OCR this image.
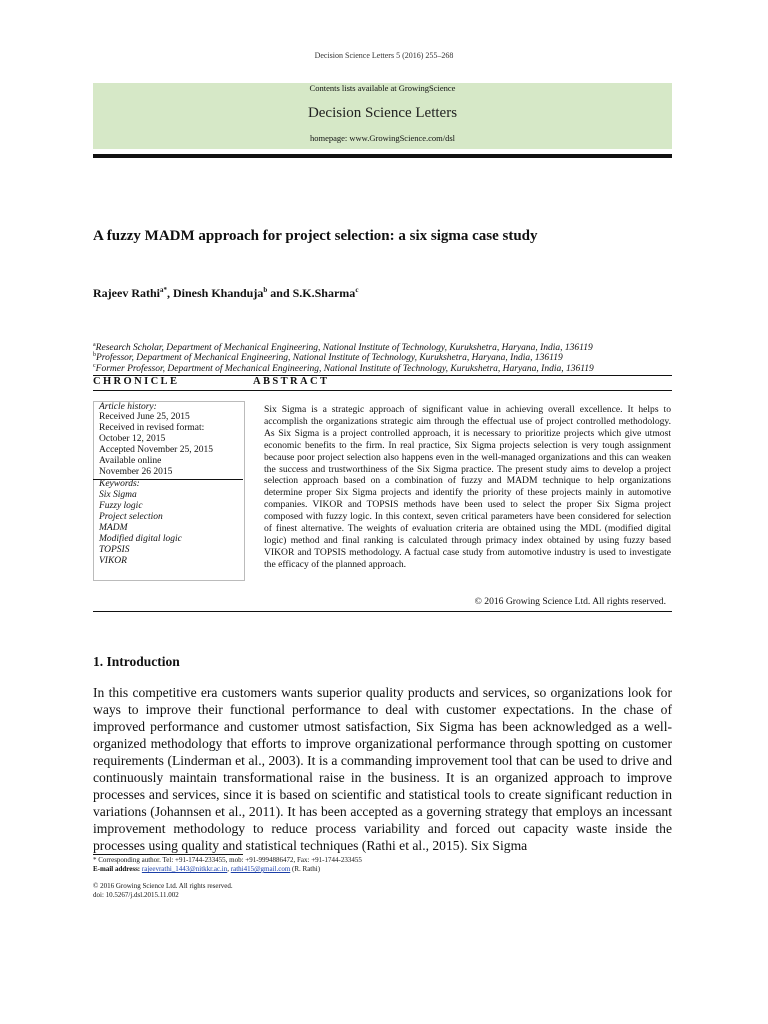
Decision Science Letters 5 (2016) 255–268
Contents lists available at GrowingScience
Decision Science Letters
homepage: www.GrowingScience.com/dsl
A fuzzy MADM approach for project selection: a six sigma case study
Rajeev Rathi$^{a*}$, Dinesh Khanduja$^b$ and S.K.Sharma$^c$
$^a$Research Scholar, Department of Mechanical Engineering, National Institute of Technology, Kurukshetra, Haryana, India, 136119
$^b$Professor, Department of Mechanical Engineering, National Institute of Technology, Kurukshetra, Haryana, India, 136119
$^c$Former Professor, Department of Mechanical Engineering, National Institute of Technology, Kurukshetra, Haryana, India, 136119
CHRONICLE	ABSTRACT
Article history:
Received June 25, 2015
Received in revised format:
October 12, 2015
Accepted November 25, 2015
Available online
November 26 2015
Keywords:
Six Sigma
Fuzzy logic
Project selection
MADM
Modified digital logic
TOPSIS
VIKOR
Six Sigma is a strategic approach of significant value in achieving overall excellence. It helps to accomplish the organizations strategic aim through the effectual use of project controlled methodology. As Six Sigma is a project controlled approach, it is necessary to prioritize projects which give utmost economic benefits to the firm. In real practice, Six Sigma projects selection is very tough assignment because poor project selection also happens even in the well-managed organizations and this can weaken the success and trustworthiness of the Six Sigma practice. The present study aims to develop a project selection approach based on a combination of fuzzy and MADM technique to help organizations determine proper Six Sigma projects and identify the priority of these projects mainly in automotive companies. VIKOR and TOPSIS methods have been used to select the proper Six Sigma project composed with fuzzy logic. In this context, seven critical parameters have been considered for selection of finest alternative. The weights of evaluation criteria are obtained using the MDL (modified digital logic) method and final ranking is calculated through primacy index obtained by using fuzzy based VIKOR and TOPSIS methodology. A factual case study from automotive industry is used to investigate the efficacy of the planned approach.
© 2016 Growing Science Ltd. All rights reserved.
1. Introduction
In this competitive era customers wants superior quality products and services, so organizations look for ways to improve their functional performance to deal with customer expectations. In the chase of improved performance and customer utmost satisfaction, Six Sigma has been acknowledged as a well-organized methodology that efforts to improve organizational performance through spotting on customer requirements (Linderman et al., 2003). It is a commanding improvement tool that can be used to drive and continuously maintain transformational raise in the business. It is an organized approach to improve processes and services, since it is based on scientific and statistical tools to create significant reduction in variations (Johannsen et al., 2011). It has been accepted as a governing strategy that employs an incessant improvement methodology to reduce process variability and forced out capacity waste inside the processes using quality and statistical techniques (Rathi et al., 2015). Six Sigma
* Corresponding author. Tel: +91-1744-233455, mob: +91-9994886472, Fax: +91-1744-233455
E-mail address: rajeevrathi_1443@nitkkr.ac.in, rathi415@gmail.com (R. Rathi)
© 2016 Growing Science Ltd. All rights reserved.
doi: 10.5267/j.dsl.2015.11.002
